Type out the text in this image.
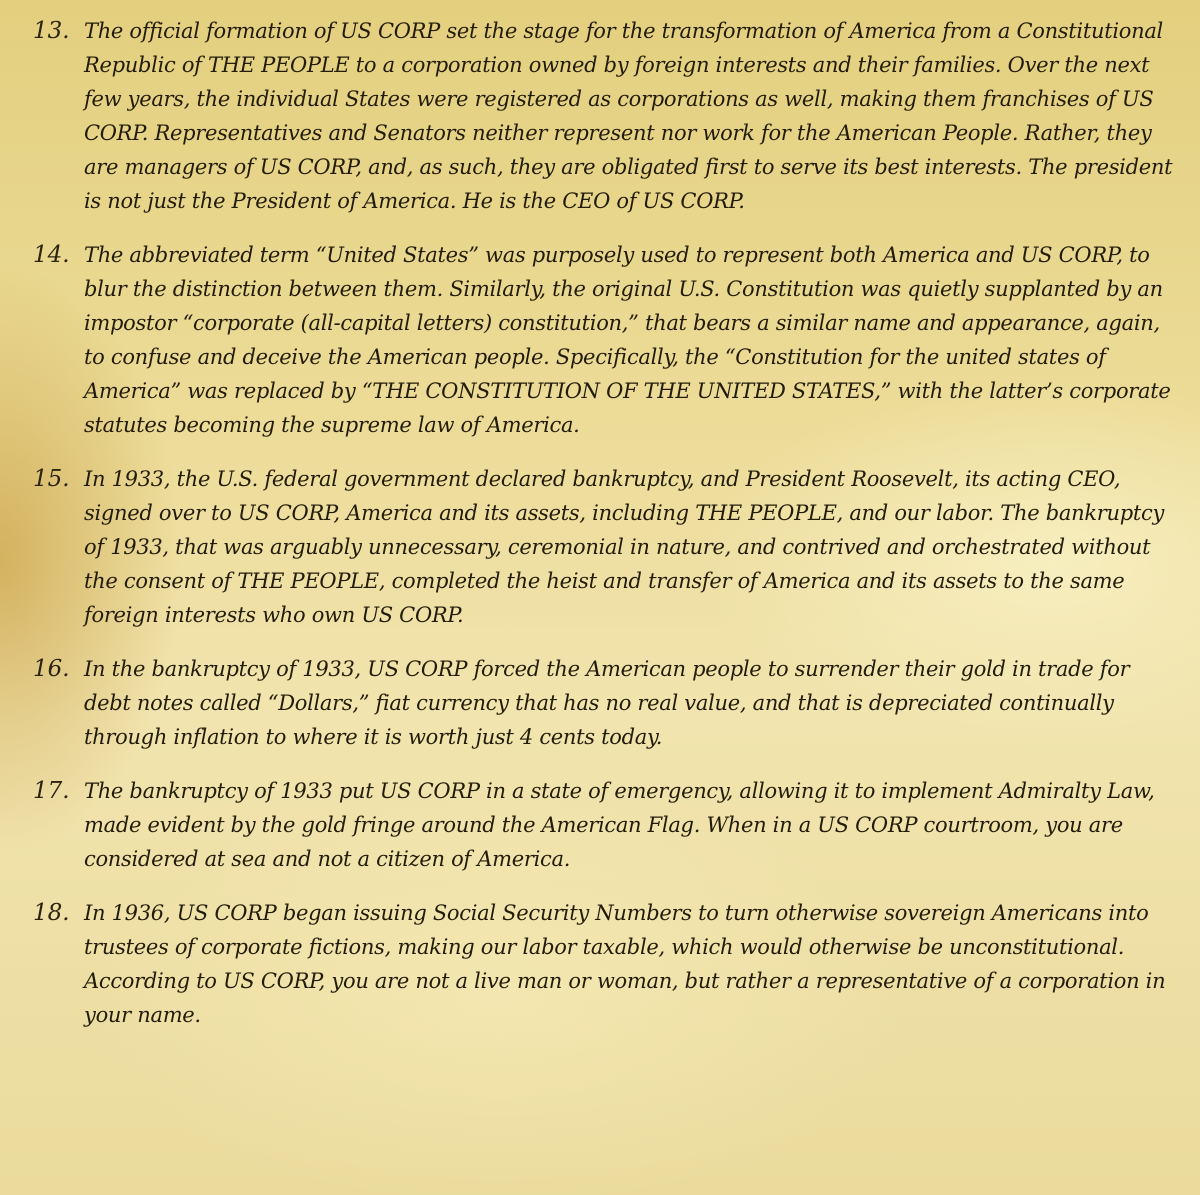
13. The official formation of US CORP set the stage for the transformation of America from a Constitutional Republic of THE PEOPLE to a corporation owned by foreign interests and their families. Over the next few years, the individual States were registered as corporations as well, making them franchises of US CORP. Representatives and Senators neither represent nor work for the American People. Rather, they are managers of US CORP, and, as such, they are obligated first to serve its best interests. The president is not just the President of America. He is the CEO of US CORP.
14. The abbreviated term “United States” was purposely used to represent both America and US CORP, to blur the distinction between them. Similarly, the original U.S. Constitution was quietly supplanted by an impostor “corporate (all-capital letters) constitution,” that bears a similar name and appearance, again, to confuse and deceive the American people. Specifically, the “Constitution for the united states of America” was replaced by “THE CONSTITUTION OF THE UNITED STATES,” with the latter’s corporate statutes becoming the supreme law of America.
15. In 1933, the U.S. federal government declared bankruptcy, and President Roosevelt, its acting CEO, signed over to US CORP, America and its assets, including THE PEOPLE, and our labor. The bankruptcy of 1933, that was arguably unnecessary, ceremonial in nature, and contrived and orchestrated without the consent of THE PEOPLE, completed the heist and transfer of America and its assets to the same foreign interests who own US CORP.
16. In the bankruptcy of 1933, US CORP forced the American people to surrender their gold in trade for debt notes called “Dollars,” fiat currency that has no real value, and that is depreciated continually through inflation to where it is worth just 4 cents today.
17. The bankruptcy of 1933 put US CORP in a state of emergency, allowing it to implement Admiralty Law, made evident by the gold fringe around the American Flag. When in a US CORP courtroom, you are considered at sea and not a citizen of America.
18. In 1936, US CORP began issuing Social Security Numbers to turn otherwise sovereign Americans into trustees of corporate fictions, making our labor taxable, which would otherwise be unconstitutional. According to US CORP, you are not a live man or woman, but rather a representative of a corporation in your name.
